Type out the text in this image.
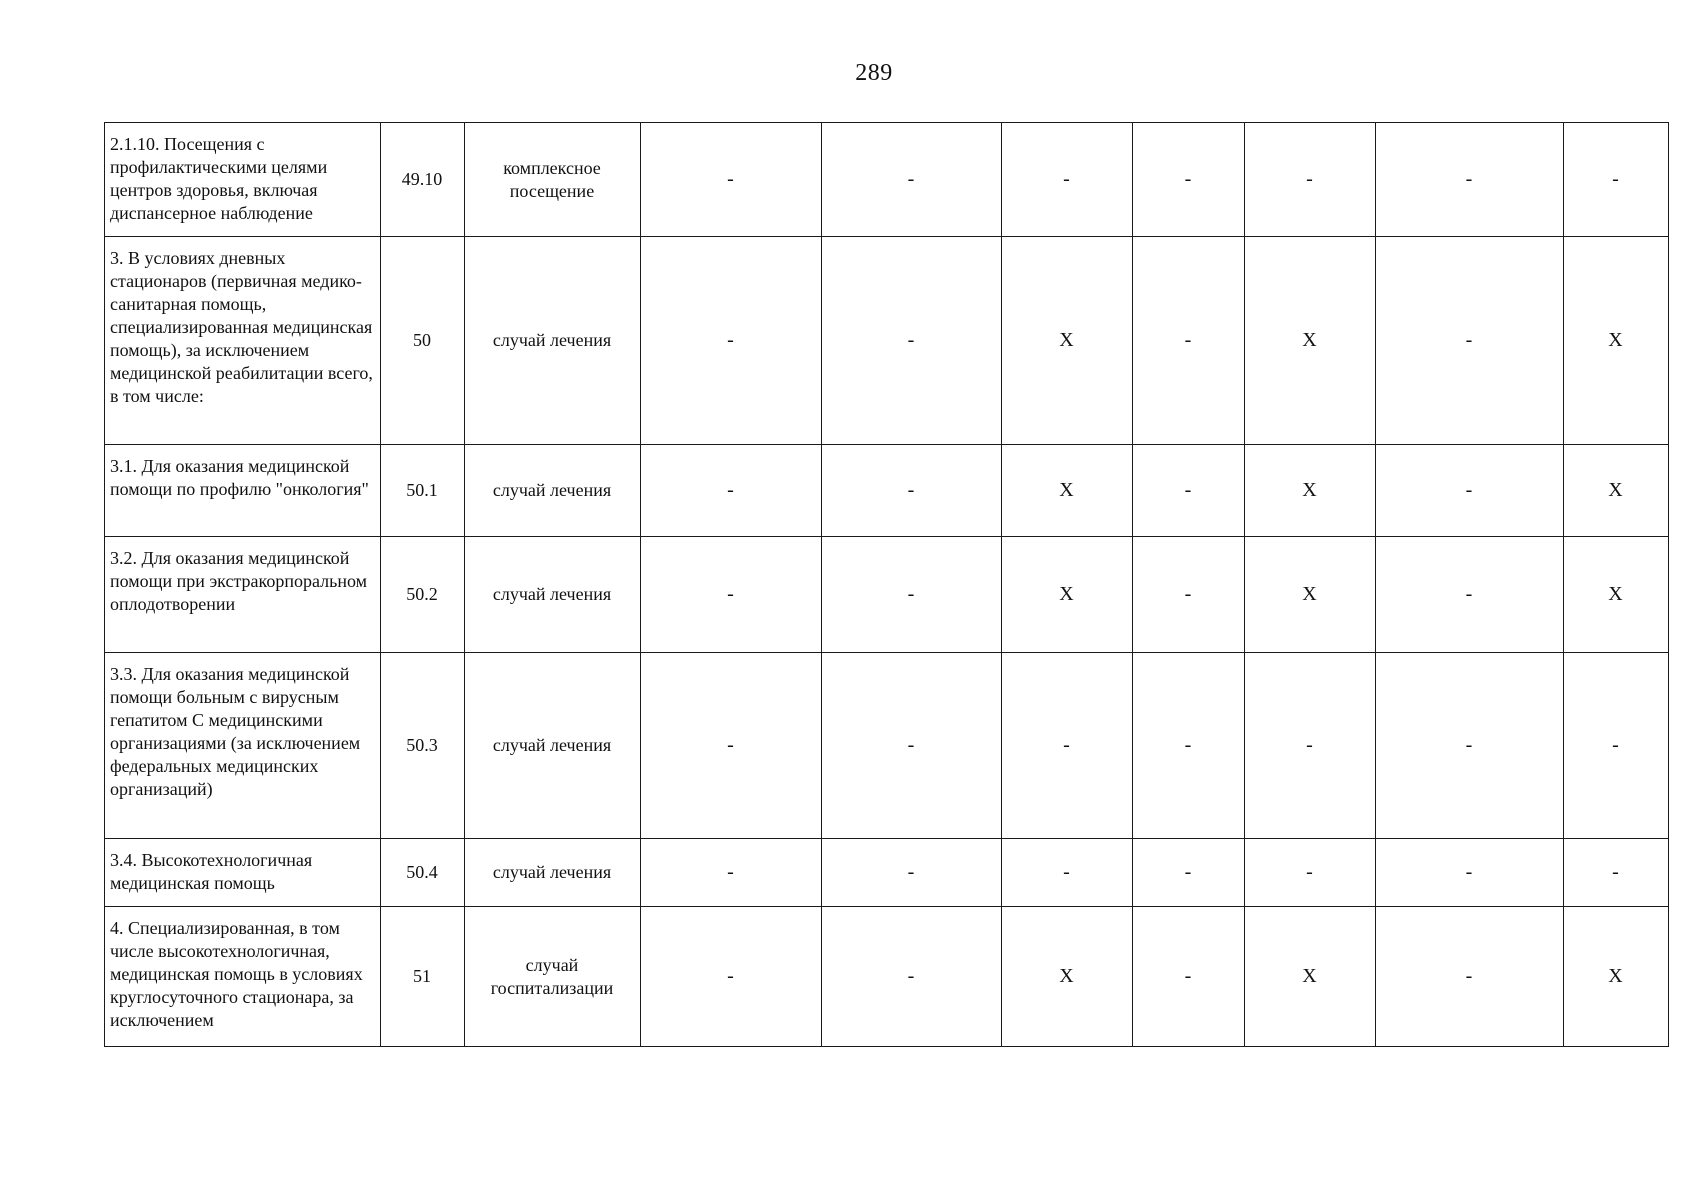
289
2.1.10. Посещения с профилактическими целями центров здоровья, включая диспансерное наблюдение	49.10	комплексное посещение	-	-	-	-	-	-	-
3. В условиях дневных стационаров (первичная медико-санитарная помощь, специализированная медицинская помощь), за исключением медицинской реабилитации всего, в том числе:	50	случай лечения	-	-	X	-	X	-	X
3.1. Для оказания медицинской помощи по профилю "онкология"	50.1	случай лечения	-	-	X	-	X	-	X
3.2. Для оказания медицинской помощи при экстракорпоральном оплодотворении	50.2	случай лечения	-	-	X	-	X	-	X
3.3. Для оказания медицинской помощи больным с вирусным гепатитом С медицинскими организациями (за исключением федеральных медицинских организаций)	50.3	случай лечения	-	-	-	-	-	-	-
3.4. Высокотехнологичная медицинская помощь	50.4	случай лечения	-	-	-	-	-	-	-
4. Специализированная, в том числе высокотехнологичная, медицинская помощь в условиях круглосуточного стационара, за исключением	51	случай госпитализации	-	-	X	-	X	-	X
